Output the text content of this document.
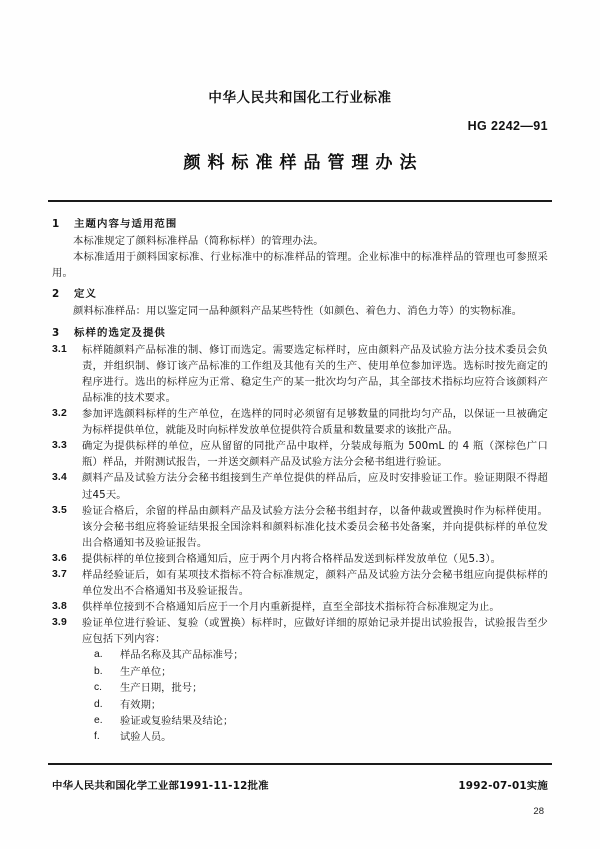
中华人民共和国化工行业标准
HG 2242—91
颜料标准样品管理办法
1	主题内容与适用范围

本标准规定了颜料标准样品（简称标样）的管理办法。

本标准适用于颜料国家标准、行业标准中的标准样品的管理。企业标准中的标准样品的管理也可参照采用。

2	定义

颜料标准样品：用以鉴定同一品种颜料产品某些特性（如颜色、着色力、消色力等）的实物标准。

3	标样的选定及提供
3.1	标样随颜料产品标准的制、修订而选定。需要选定标样时，应由颜料产品及试验方法分技术委员会负责，并组织制、修订该产品标准的工作组及其他有关的生产、使用单位参加评选。选标时按先商定的程序进行。选出的标样应为正常、稳定生产的某一批次均匀产品，其全部技术指标均应符合该颜料产品标准的技术要求。
3.2	参加评选颜料标样的生产单位，在选样的同时必须留有足够数量的同批均匀产品，以保证一旦被确定为标样提供单位，就能及时向标样发放单位提供符合质量和数量要求的该批产品。
3.3	确定为提供标样的单位，应从留留的同批产品中取样，分装成每瓶为 500mL 的 4 瓶（深棕色广口瓶）样品，并附测试报告，一并送交颜料产品及试验方法分会秘书组进行验证。
3.4	颜料产品及试验方法分会秘书组接到生产单位提供的样品后，应及时安排验证工作。验证期限不得超过45天。
3.5	验证合格后，余留的样品由颜料产品及试验方法分会秘书组封存，以备仲裁或置换时作为标样使用。该分会秘书组应将验证结果报全国涂料和颜料标准化技术委员会秘书处备案，并向提供标样的单位发出合格通知书及验证报告。
3.6	提供标样的单位接到合格通知后，应于两个月内将合格样品发送到标样发放单位（见5.3）。
3.7	样品经验证后，如有某项技术指标不符合标准规定，颜料产品及试验方法分会秘书组应向提供标样的单位发出不合格通知书及验证报告。
3.8	供样单位接到不合格通知后应于一个月内重新提样，直至全部技术指标符合标准规定为止。
3.9	验证单位进行验证、复验（或置换）标样时，应做好详细的原始记录并提出试验报告，试验报告至少应包括下列内容：
a.	样品名称及其产品标准号；
b.	生产单位；
c.	生产日期，批号；
d.	有效期；
e.	验证或复验结果及结论；
f.	试验人员。
中华人民共和国化学工业部1991-11-12批准	1992-07-01实施
28
